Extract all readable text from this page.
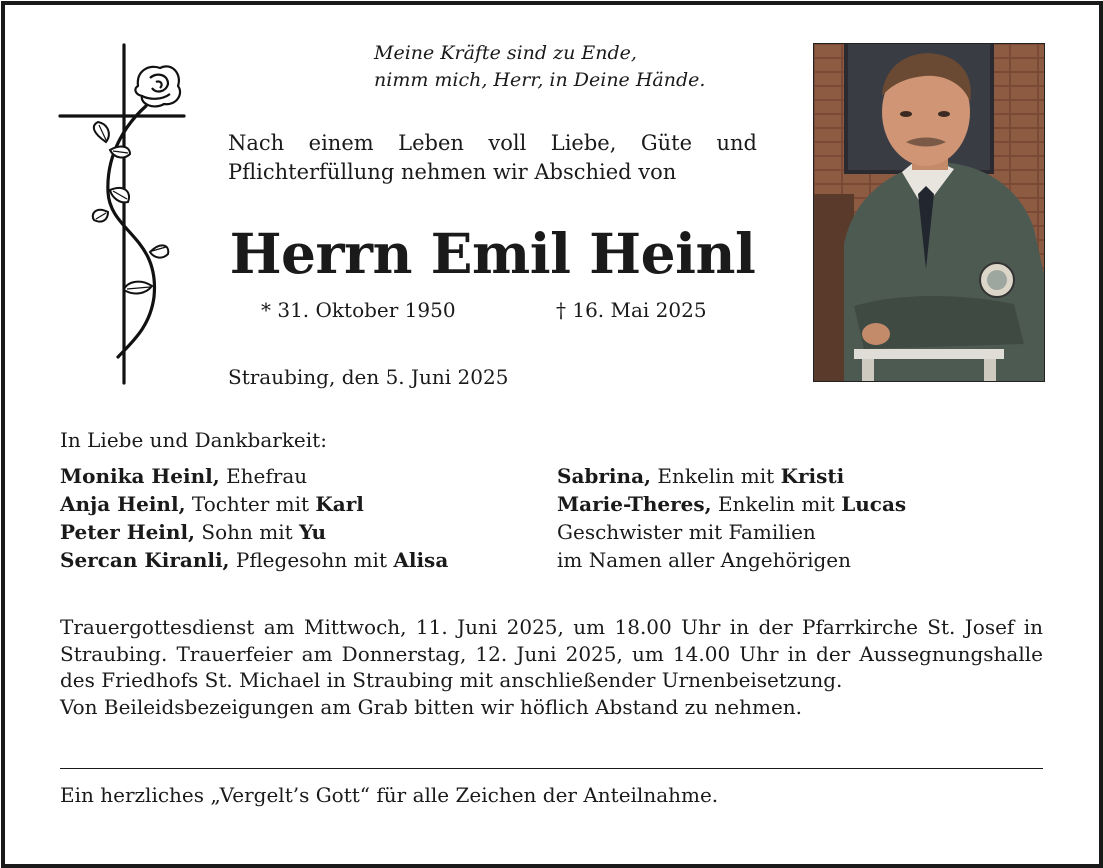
Meine Kräfte sind zu Ende,
nimm mich, Herr, in Deine Hände.
Nach einem Leben voll Liebe, Güte und Pflichterfüllung nehmen wir Abschied von
Herrn Emil Heinl
* 31. Oktober 1950	† 16. Mai 2025
Straubing, den 5. Juni 2025
In Liebe und Dankbarkeit:
Monika Heinl, Ehefrau
Anja Heinl, Tochter mit Karl
Peter Heinl, Sohn mit Yu
Sercan Kiranli, Pflegesohn mit Alisa
Sabrina, Enkelin mit Kristi
Marie-Theres, Enkelin mit Lucas
Geschwister mit Familien
im Namen aller Angehörigen
Trauergottesdienst am Mittwoch, 11. Juni 2025, um 18.00 Uhr in der Pfarrkirche St. Josef in Straubing. Trauerfeier am Donnerstag, 12. Juni 2025, um 14.00 Uhr in der Aussegnungshalle des Friedhofs St. Michael in Straubing mit anschließender Urnenbeisetzung.
Von Beileidsbezeigungen am Grab bitten wir höflich Abstand zu nehmen.
Ein herzliches „Vergelt’s Gott“ für alle Zeichen der Anteilnahme.
